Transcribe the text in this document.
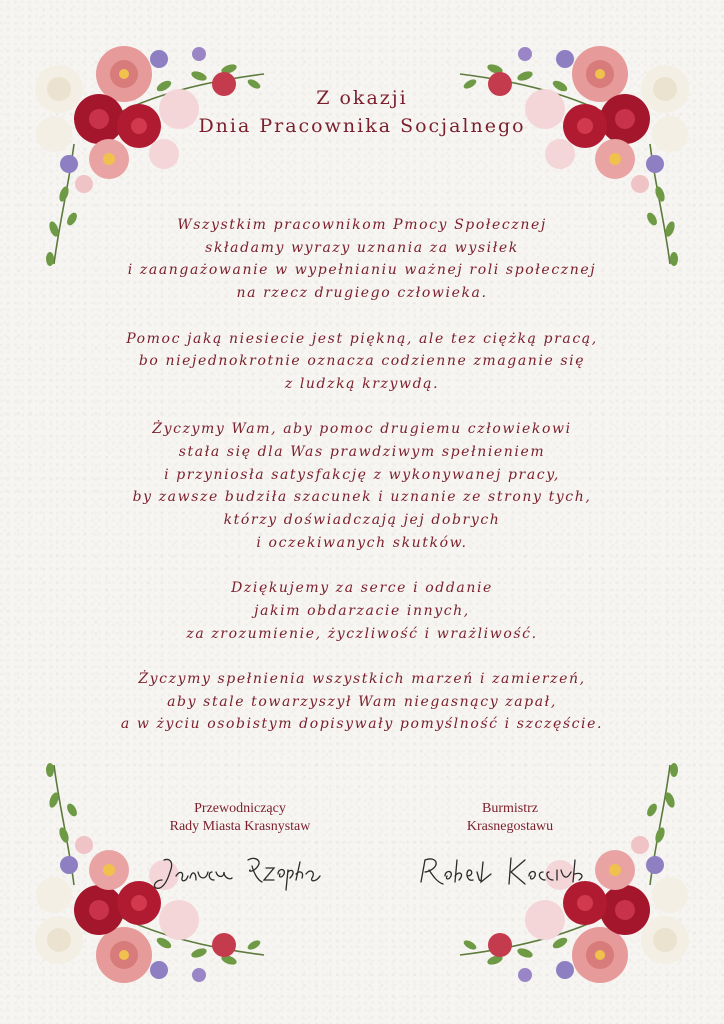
Z okazji
Dnia Pracownika Socjalnego
Wszystkim pracownikom Pmocy Społecznej
składamy wyrazy uznania za wysiłek
i zaangażowanie w wypełnianiu ważnej roli społecznej
na rzecz drugiego człowieka.
Pomoc jaką niesiecie jest piękną, ale tez ciężką pracą,
bo niejednokrotnie oznacza codzienne zmaganie się
z ludzką krzywdą.
Życzymy Wam, aby pomoc drugiemu człowiekowi
stała się dla Was prawdziwym spełnieniem
i przyniosła satysfakcję z wykonywanej pracy,
by zawsze budziła szacunek i uznanie ze strony tych,
którzy doświadczają jej dobrych
i oczekiwanych skutków.
Dziękujemy za serce i oddanie
jakim obdarzacie innych,
za zrozumienie, życzliwość i wrażliwość.
Życzymy spełnienia wszystkich marzeń i zamierzeń,
aby stale towarzyszył Wam niegasnący zapał,
a w życiu osobistym dopisywały pomyślność i szczęście.
Przewodniczący
Rady Miasta Krasnystaw
Burmistrz
Krasnegostawu
